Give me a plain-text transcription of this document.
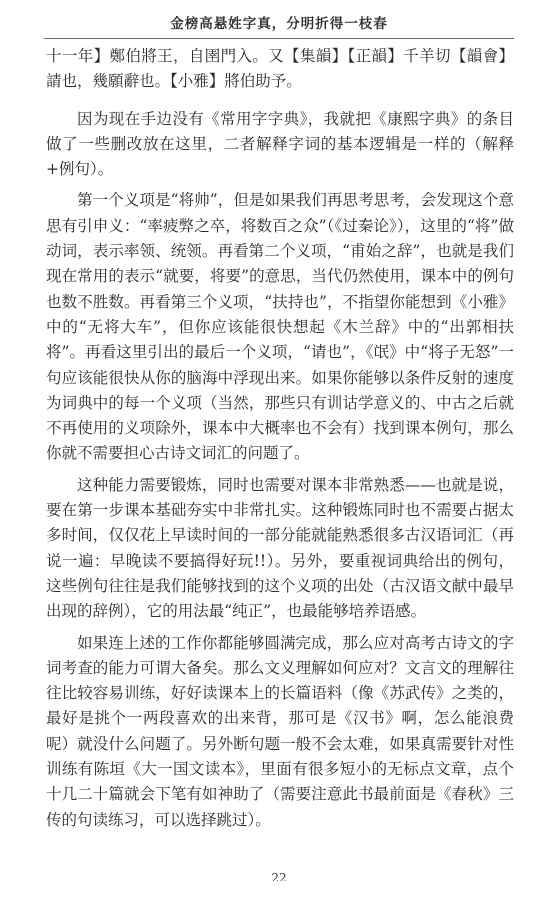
金榜高悬姓字真，分明折得一枝春

十一年】鄭伯將王，自圉門入。又【集韻】【正韻】千羊切【韻會】請也，幾願辭也。【小雅】將伯助予。

因为现在手边没有《常用字字典》，我就把《康熙字典》的条目做了一些删改放在这里，二者解释字词的基本逻辑是一样的（解释+例句）。

第一个义项是“将帅”，但是如果我们再思考思考，会发现这个意思有引申义：“率疲弊之卒，将数百之众”（《过秦论》），这里的“将”做动词，表示率领、统领。再看第二个义项，“甫始之辞”，也就是我们现在常用的表示“就要，将要”的意思，当代仍然使用，课本中的例句也数不胜数。再看第三个义项，“扶持也”，不指望你能想到《小雅》中的“无将大车”，但你应该能很快想起《木兰辞》中的“出郭相扶将”。再看这里引出的最后一个义项，“请也”，《氓》中“将子无怒”一句应该能很快从你的脑海中浮现出来。如果你能够以条件反射的速度为词典中的每一个义项（当然，那些只有训诂学意义的、中古之后就不再使用的义项除外，课本中大概率也不会有）找到课本例句，那么你就不需要担心古诗文词汇的问题了。

这种能力需要锻炼，同时也需要对课本非常熟悉——也就是说，要在第一步课本基础夯实中非常扎实。这种锻炼同时也不需要占据太多时间，仅仅花上早读时间的一部分能就能熟悉很多古汉语词汇（再说一遍：早晚读不要搞得好玩!!）。另外，要重视词典给出的例句，这些例句往往是我们能够找到的这个义项的出处（古汉语文献中最早出现的辞例），它的用法最“纯正”，也最能够培养语感。

如果连上述的工作你都能够圆满完成，那么应对高考古诗文的字词考查的能力可谓大备矣。那么文义理解如何应对？文言文的理解往往比较容易训练，好好读课本上的长篇语料（像《苏武传》之类的，最好是挑个一两段喜欢的出来背，那可是《汉书》啊，怎么能浪费呢）就没什么问题了。另外断句题一般不会太难，如果真需要针对性训练有陈垣《大一国文读本》，里面有很多短小的无标点文章，点个十几二十篇就会下笔有如神助了（需要注意此书最前面是《春秋》三传的句读练习，可以选择跳过）。

22
